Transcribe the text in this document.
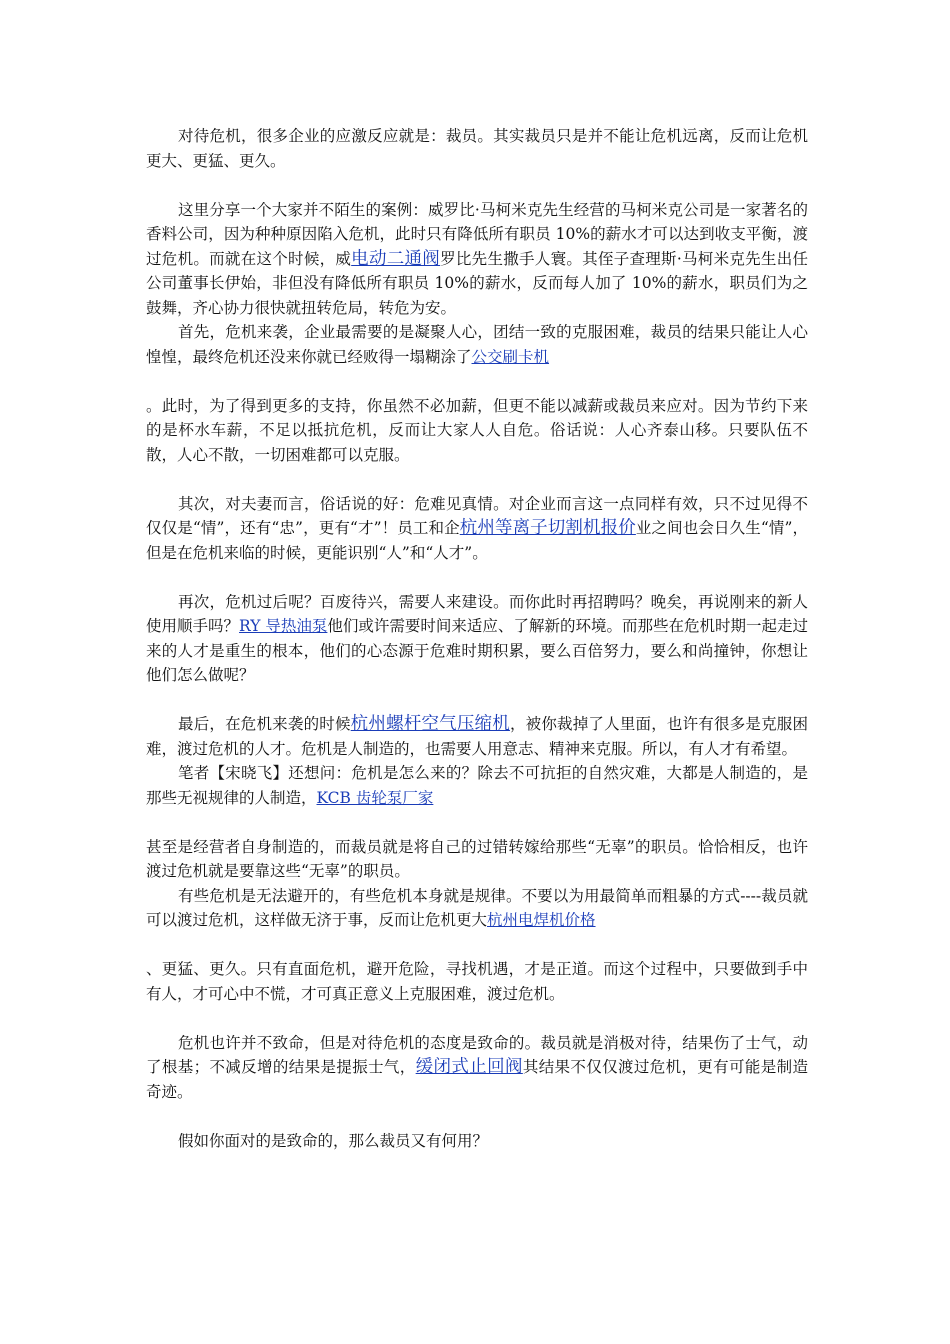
对待危机，很多企业的应激反应就是：裁员。其实裁员只是并不能让危机远离，反而让危机更大、更猛、更久。

这里分享一个大家并不陌生的案例：威罗比·马柯米克先生经营的马柯米克公司是一家著名的香料公司，因为种种原因陷入危机，此时只有降低所有职员 10%的薪水才可以达到收支平衡，渡过危机。而就在这个时候，威电动二通阀罗比先生撒手人寰。其侄子查理斯·马柯米克先生出任公司董事长伊始，非但没有降低所有职员 10%的薪水，反而每人加了 10%的薪水，职员们为之鼓舞，齐心协力很快就扭转危局，转危为安。

首先，危机来袭，企业最需要的是凝聚人心，团结一致的克服困难，裁员的结果只能让人心惶惶，最终危机还没来你就已经败得一塌糊涂了公交刷卡机

。此时，为了得到更多的支持，你虽然不必加薪，但更不能以减薪或裁员来应对。因为节约下来的是杯水车薪，不足以抵抗危机，反而让大家人人自危。俗话说：人心齐泰山移。只要队伍不散，人心不散，一切困难都可以克服。

其次，对夫妻而言，俗话说的好：危难见真情。对企业而言这一点同样有效，只不过见得不仅仅是“情”，还有“忠”，更有“才”！员工和企杭州等离子切割机报价业之间也会日久生“情”，但是在危机来临的时候，更能识别“人”和“人才”。

再次，危机过后呢？百废待兴，需要人来建设。而你此时再招聘吗？晚矣，再说刚来的新人使用顺手吗？RY 导热油泵他们或许需要时间来适应、了解新的环境。而那些在危机时期一起走过来的人才是重生的根本，他们的心态源于危难时期积累，要么百倍努力，要么和尚撞钟，你想让他们怎么做呢？

最后，在危机来袭的时候杭州螺杆空气压缩机，被你裁掉了人里面，也许有很多是克服困难，渡过危机的人才。危机是人制造的，也需要人用意志、精神来克服。所以，有人才有希望。

笔者【宋晓飞】还想问：危机是怎么来的？除去不可抗拒的自然灾难，大都是人制造的，是那些无视规律的人制造，KCB 齿轮泵厂家

甚至是经营者自身制造的，而裁员就是将自己的过错转嫁给那些“无辜”的职员。恰恰相反，也许渡过危机就是要靠这些“无辜”的职员。

有些危机是无法避开的，有些危机本身就是规律。不要以为用最简单而粗暴的方式----裁员就可以渡过危机，这样做无济于事，反而让危机更大杭州电焊机价格

、更猛、更久。只有直面危机，避开危险，寻找机遇，才是正道。而这个过程中，只要做到手中有人，才可心中不慌，才可真正意义上克服困难，渡过危机。

危机也许并不致命，但是对待危机的态度是致命的。裁员就是消极对待，结果伤了士气，动了根基；不减反增的结果是提振士气，缓闭式止回阀其结果不仅仅渡过危机，更有可能是制造奇迹。

假如你面对的是致命的，那么裁员又有何用？
